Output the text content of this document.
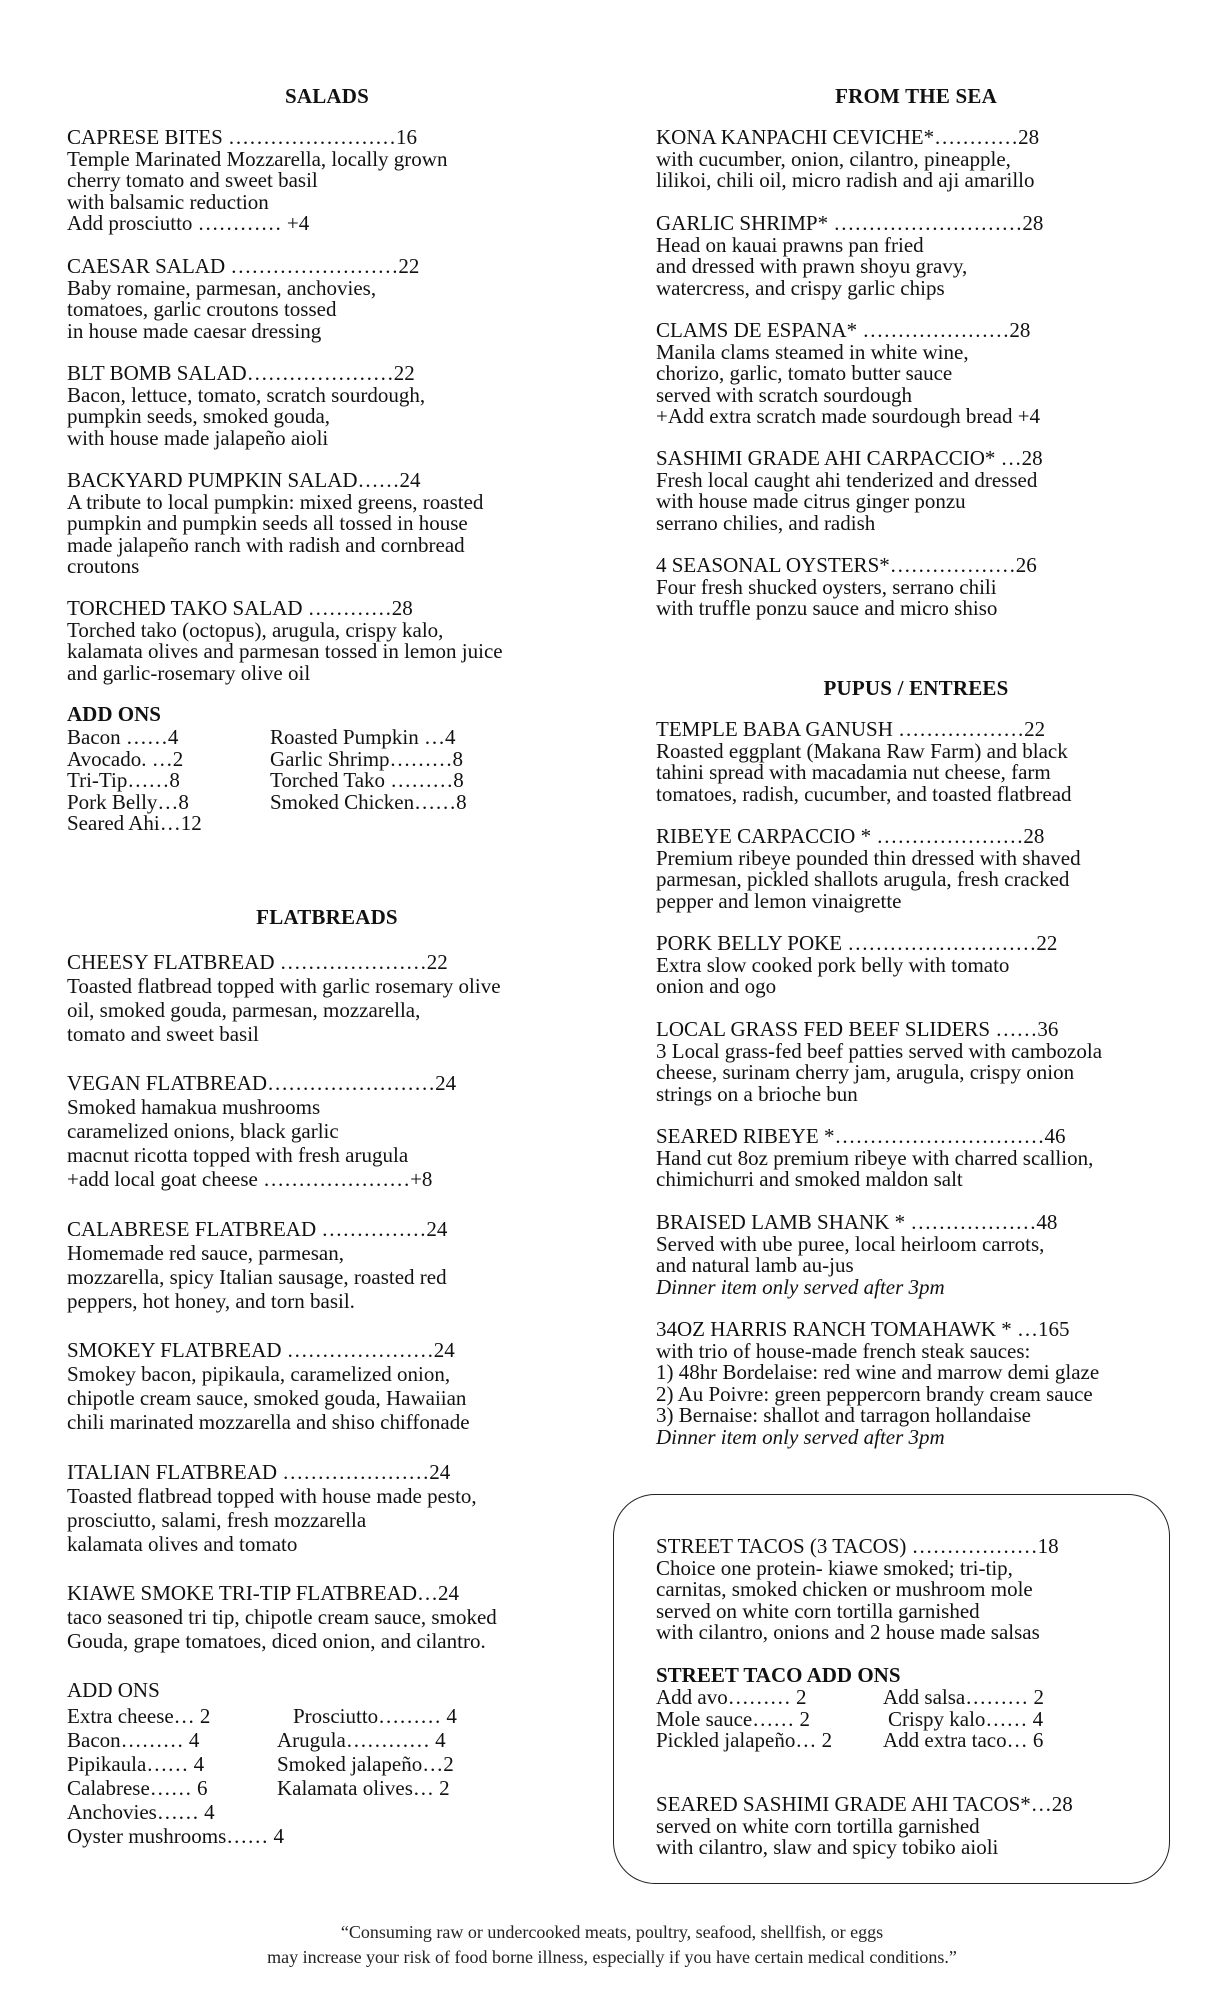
SALADS
CAPRESE BITES ……………………16
Temple Marinated Mozzarella, locally grown
cherry tomato and sweet basil
with balsamic reduction
Add prosciutto ………… +4
CAESAR SALAD ……………………22
Baby romaine, parmesan, anchovies,
tomatoes, garlic croutons tossed
in house made caesar dressing
BLT BOMB SALAD…………………22
Bacon, lettuce, tomato, scratch sourdough,
pumpkin seeds, smoked gouda,
with house made jalapeño aioli
BACKYARD PUMPKIN SALAD……24
A tribute to local pumpkin: mixed greens, roasted
pumpkin and pumpkin seeds all tossed in house
made jalapeño ranch with radish and cornbread
croutons
TORCHED TAKO SALAD …………28
Torched tako (octopus), arugula, crispy kalo,
kalamata olives and parmesan tossed in lemon juice
and garlic-rosemary olive oil
ADD ONS
Bacon ……4
Avocado. …2
Tri-Tip……8
Pork Belly…8
Seared Ahi…12
Roasted Pumpkin …4
Garlic Shrimp………8
Torched Tako ………8
Smoked Chicken……8
FLATBREADS
CHEESY FLATBREAD …………………22
Toasted flatbread topped with garlic rosemary olive
oil, smoked gouda, parmesan, mozzarella,
tomato and sweet basil
VEGAN FLATBREAD……………………24
Smoked hamakua mushrooms
caramelized onions, black garlic
macnut ricotta topped with fresh arugula
+add local goat cheese …………………+8
CALABRESE FLATBREAD ……………24
Homemade red sauce, parmesan,
mozzarella, spicy Italian sausage, roasted red
peppers, hot honey, and torn basil.
SMOKEY FLATBREAD …………………24
Smokey bacon, pipikaula, caramelized onion,
chipotle cream sauce, smoked gouda, Hawaiian
chili marinated mozzarella and shiso chiffonade
ITALIAN FLATBREAD …………………24
Toasted flatbread topped with house made pesto,
prosciutto, salami, fresh mozzarella
kalamata olives and tomato
KIAWE SMOKE TRI-TIP FLATBREAD…24
taco seasoned tri tip, chipotle cream sauce, smoked
Gouda, grape tomatoes, diced onion, and cilantro.
ADD ONS
Extra cheese… 2
Bacon……… 4
Pipikaula…… 4
Calabrese…… 6
Anchovies…… 4
Oyster mushrooms…… 4
Prosciutto……… 4
Arugula………… 4
Smoked jalapeño…2
Kalamata olives… 2
FROM THE SEA
KONA KANPACHI CEVICHE*…………28
with cucumber, onion, cilantro, pineapple,
lilikoi, chili oil, micro radish and aji amarillo
GARLIC SHRIMP* ………………………28
Head on kauai prawns pan fried
and dressed with prawn shoyu gravy,
watercress, and crispy garlic chips
CLAMS DE ESPANA* …………………28
Manila clams steamed in white wine,
chorizo, garlic, tomato butter sauce
served with scratch sourdough
+Add extra scratch made sourdough bread +4
SASHIMI GRADE AHI CARPACCIO* …28
Fresh local caught ahi tenderized and dressed
with house made citrus ginger ponzu
serrano chilies, and radish
4 SEASONAL OYSTERS*………………26
Four fresh shucked oysters, serrano chili
with truffle ponzu sauce and micro shiso
PUPUS / ENTREES
TEMPLE BABA GANUSH ………………22
Roasted eggplant (Makana Raw Farm) and black
tahini spread with macadamia nut cheese, farm
tomatoes, radish, cucumber, and toasted flatbread
RIBEYE CARPACCIO * …………………28
Premium ribeye pounded thin dressed with shaved
parmesan, pickled shallots arugula, fresh cracked
pepper and lemon vinaigrette
PORK BELLY POKE ………………………22
Extra slow cooked pork belly with tomato
onion and ogo
LOCAL GRASS FED BEEF SLIDERS ……36
3 Local grass-fed beef patties served with cambozola
cheese, surinam cherry jam, arugula, crispy onion
strings on a brioche bun
SEARED RIBEYE *…………………………46
Hand cut 8oz premium ribeye with charred scallion,
chimichurri and smoked maldon salt
BRAISED LAMB SHANK * ………………48
Served with ube puree, local heirloom carrots,
and natural lamb au-jus
Dinner item only served after 3pm
34OZ HARRIS RANCH TOMAHAWK * …165
with trio of house-made french steak sauces:
1) 48hr Bordelaise: red wine and marrow demi glaze
2) Au Poivre: green peppercorn brandy cream sauce
3) Bernaise: shallot and tarragon hollandaise
Dinner item only served after 3pm
STREET TACOS (3 TACOS) ………………18
Choice one protein- kiawe smoked; tri-tip,
carnitas, smoked chicken or mushroom mole
served on white corn tortilla garnished
with cilantro, onions and 2 house made salsas
STREET TACO ADD ONS
Add avo……… 2
Mole sauce…… 2
Pickled jalapeño… 2
Add salsa……… 2
Crispy kalo…… 4
Add extra taco… 6
SEARED SASHIMI GRADE AHI TACOS*…28
served on white corn tortilla garnished
with cilantro, slaw and spicy tobiko aioli
“Consuming raw or undercooked meats, poultry, seafood, shellfish, or eggs
may increase your risk of food borne illness, especially if you have certain medical conditions.”
